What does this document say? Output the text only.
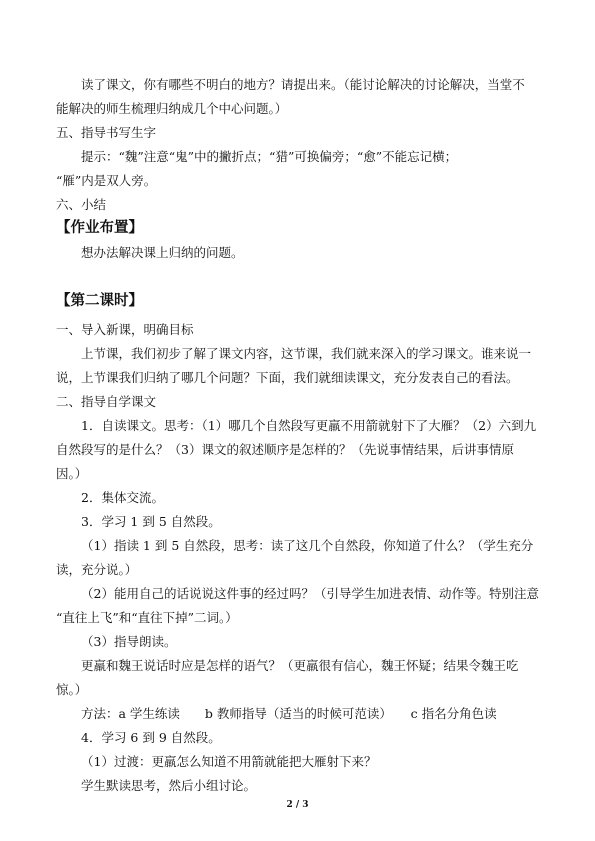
读了课文，你有哪些不明白的地方？请提出来。（能讨论解决的讨论解决，当堂不
能解决的师生梳理归纳成几个中心问题。）
五、指导书写生字
提示：“魏”注意“鬼”中的撇折点；“猎”可换偏旁；“愈”不能忘记横；
“雁”内是双人旁。
六、小结
【作业布置】
想办法解决课上归纳的问题。
【第二课时】
一、导入新课，明确目标
上节课，我们初步了解了课文内容，这节课，我们就来深入的学习课文。谁来说一
说，上节课我们归纳了哪几个问题？下面，我们就细读课文，充分发表自己的看法。
二、指导自学课文
1．自读课文。思考：（1）哪几个自然段写更羸不用箭就射下了大雁？（2）六到九
自然段写的是什么？（3）课文的叙述顺序是怎样的？（先说事情结果，后讲事情原
因。）
2．集体交流。
3．学习 1 到 5 自然段。
（1）指读 1 到 5 自然段，思考：读了这几个自然段，你知道了什么？（学生充分
读，充分说。）
（2）能用自己的话说说这件事的经过吗？（引导学生加进表情、动作等。特别注意
“直往上飞”和“直往下掉”二词。）
（3）指导朗读。
更羸和魏王说话时应是怎样的语气？（更羸很有信心，魏王怀疑；结果令魏王吃
惊。）
方法：a 学生练读　　b 教师指导（适当的时候可范读）　　c 指名分角色读
4．学习 6 到 9 自然段。
（1）过渡：更羸怎么知道不用箭就能把大雁射下来？
学生默读思考，然后小组讨论。
2 / 3
